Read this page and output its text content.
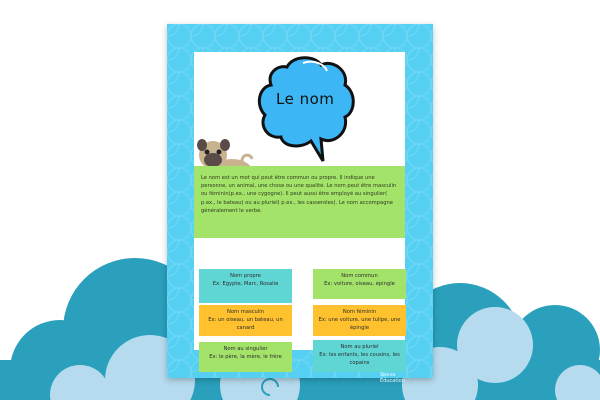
Le nom

Le nom est un mot qui peut être commun ou propre. Il indique une personne, un animal, une chose ou une qualité. Le nom peut être masculin ou féminin(p.ex., une cygogne). Il peut aussi être employé au singulier( p.ex., le bateau) ou au pluriel( p.ex., les casseroles). Le nom accompagne généralement le verbe.

Nom propre
Ex: Egypte, Marc, Rosalie
Nom commun
Ex: voiture, oiseau, épingle
Nom masculin
Ex: un oiseau, un bateau, un canard
Nom féminin
Ex: une voiture, une tulipe, une épingle
Nom au singulier
Ex: le père, la mère, le frère
Nom au pluriel
Ex: les enfants, les cousins, les copains
Seeva Education
